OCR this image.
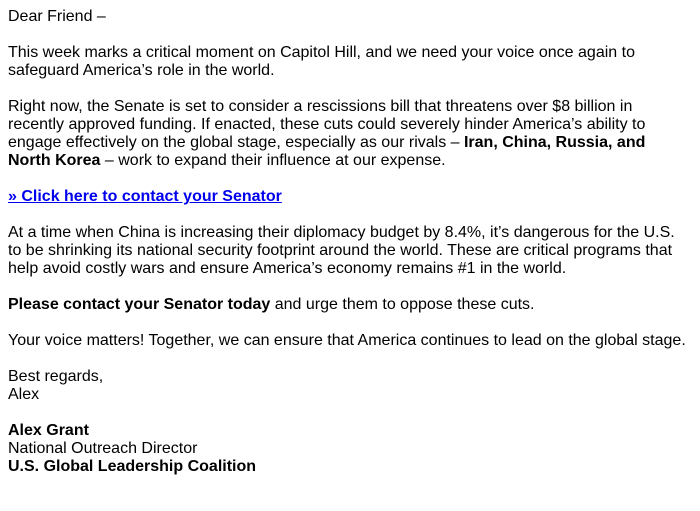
Dear Friend –

This week marks a critical moment on Capitol Hill, and we need your voice once again to safeguard America’s role in the world.

Right now, the Senate is set to consider a rescissions bill that threatens over $8 billion in recently approved funding. If enacted, these cuts could severely hinder America’s ability to engage effectively on the global stage, especially as our rivals – Iran, China, Russia, and North Korea – work to expand their influence at our expense.

» Click here to contact your Senator

At a time when China is increasing their diplomacy budget by 8.4%, it’s dangerous for the U.S. to be shrinking its national security footprint around the world. These are critical programs that help avoid costly wars and ensure America’s economy remains #1 in the world.

Please contact your Senator today and urge them to oppose these cuts.

Your voice matters! Together, we can ensure that America continues to lead on the global stage.

Best regards,
Alex

Alex Grant
National Outreach Director
U.S. Global Leadership Coalition
